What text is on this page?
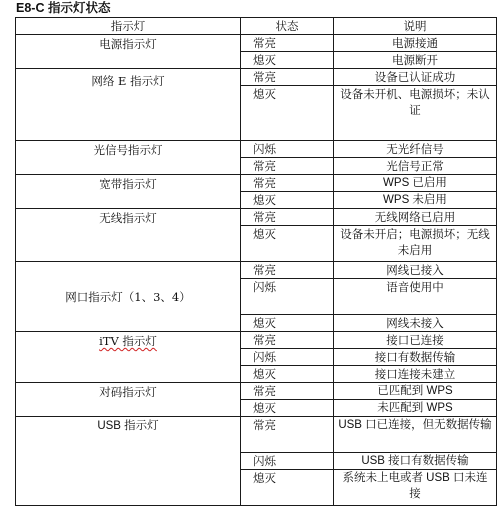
E8-C 指示灯状态
指示灯	状态	说明
电源指示灯	常亮	电源接通
	熄灭	电源断开
网络 E 指示灯	常亮	设备已认证成功
	熄灭	设备未开机、电源损坏；未认证
光信号指示灯	闪烁	无光纤信号
	常亮	光信号正常
宽带指示灯	常亮	WPS 已启用
	熄灭	WPS 未启用
无线指示灯	常亮	无线网络已启用
	熄灭	设备未开启；电源损坏；无线未启用
网口指示灯（1、3、4）	常亮	网线已接入
	闪烁	语音使用中
	熄灭	网线未接入
iTV 指示灯	常亮	接口已连接
	闪烁	接口有数据传输
	熄灭	接口连接未建立
对码指示灯	常亮	已匹配到 WPS
	熄灭	未匹配到 WPS
USB 指示灯	常亮	USB 口已连接，但无数据传输
	闪烁	USB 接口有数据传输
	熄灭	系统未上电或者 USB 口未连接
